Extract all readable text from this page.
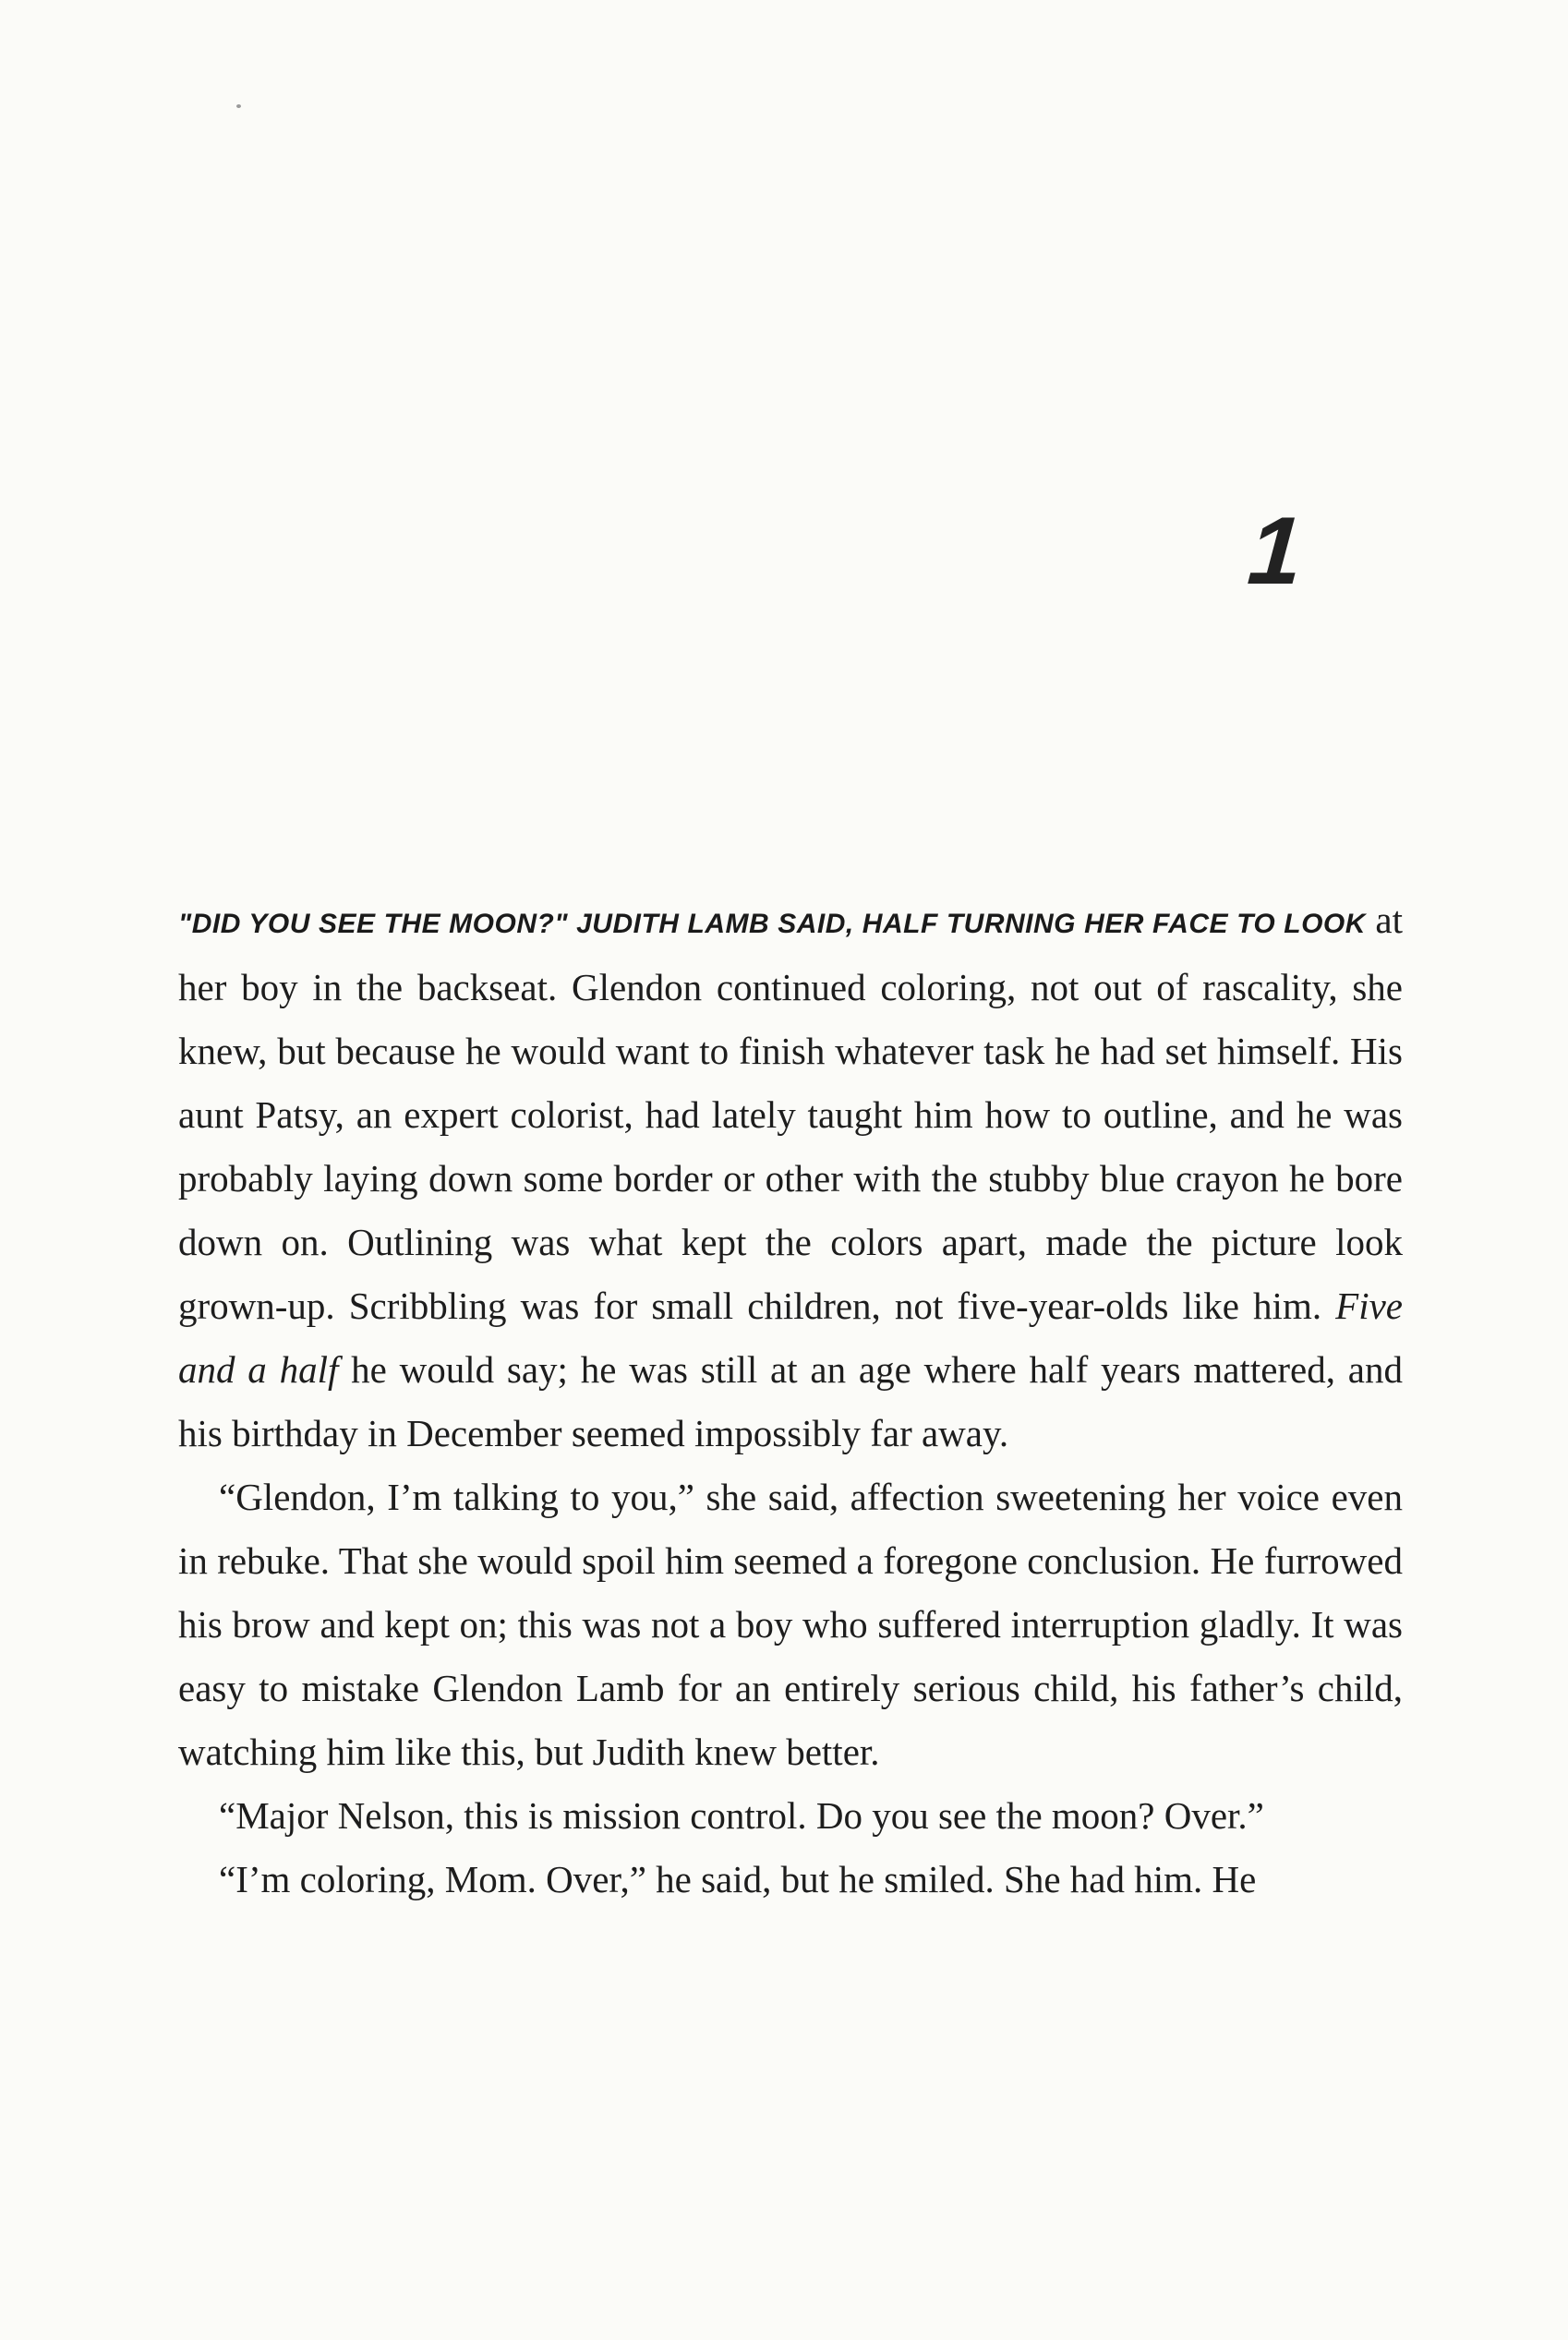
1

"DID YOU SEE THE MOON?" JUDITH LAMB SAID, HALF TURNING HER FACE TO LOOK at her boy in the backseat. Glendon continued coloring, not out of rascality, she knew, but because he would want to finish whatever task he had set himself. His aunt Patsy, an expert colorist, had lately taught him how to outline, and he was probably laying down some border or other with the stubby blue crayon he bore down on. Outlining was what kept the colors apart, made the picture look grown-up. Scribbling was for small children, not five-year-olds like him. Five and a half he would say; he was still at an age where half years mattered, and his birthday in December seemed impossibly far away.

“Glendon, I’m talking to you,” she said, affection sweetening her voice even in rebuke. That she would spoil him seemed a foregone conclusion. He furrowed his brow and kept on; this was not a boy who suffered interruption gladly. It was easy to mistake Glendon Lamb for an entirely serious child, his father’s child, watching him like this, but Judith knew better.

“Major Nelson, this is mission control. Do you see the moon? Over.”

“I’m coloring, Mom. Over,” he said, but he smiled. She had him. He
